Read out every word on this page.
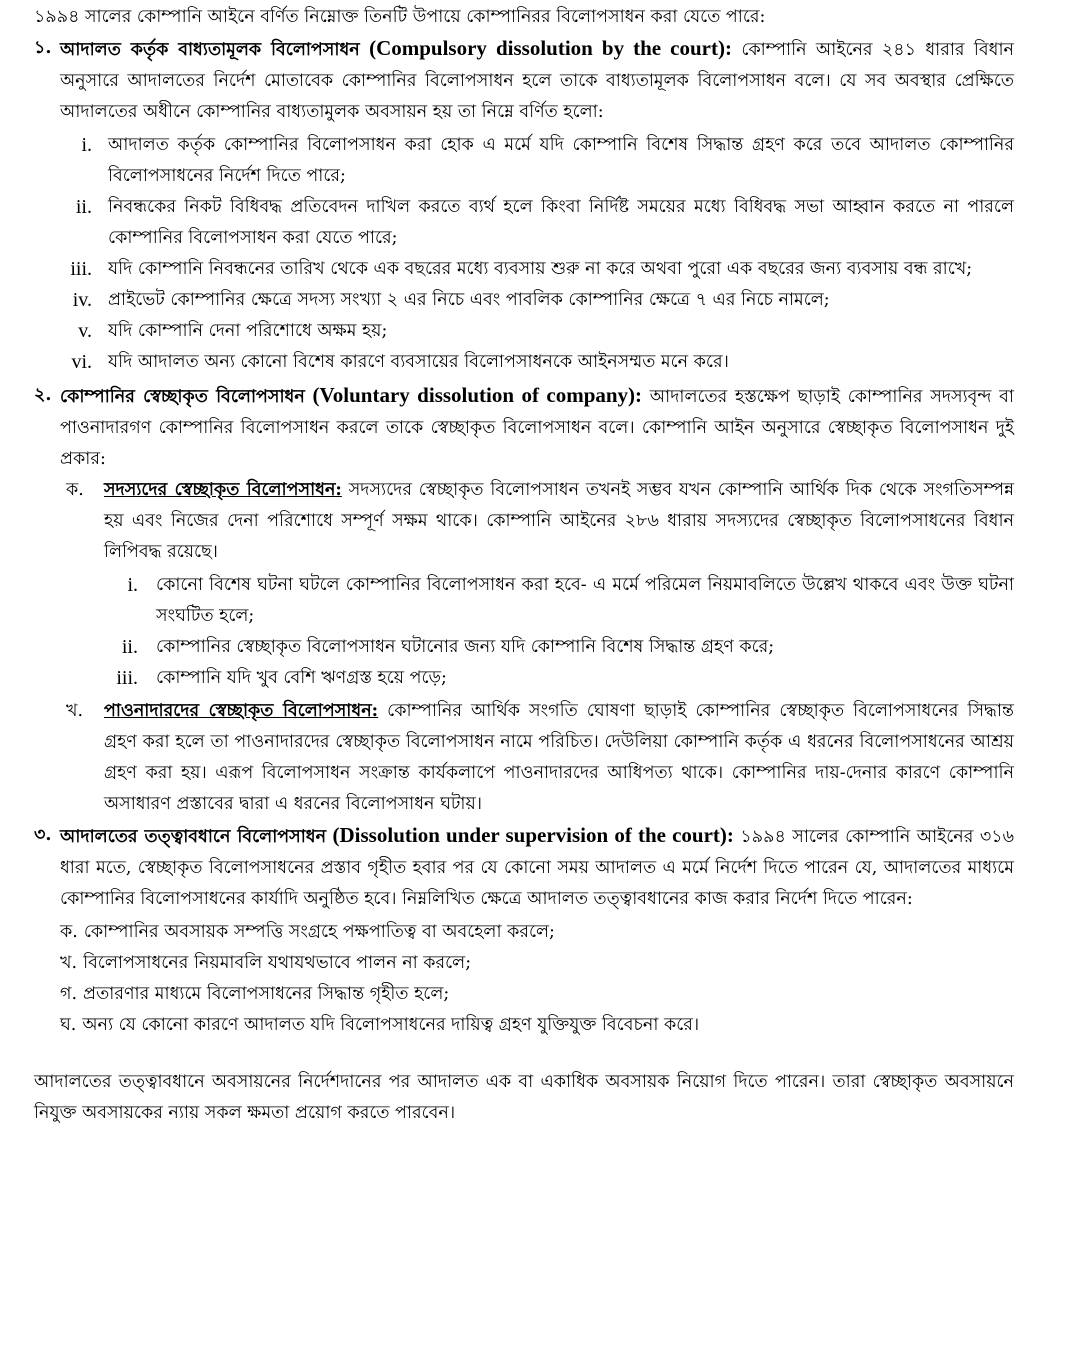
১৯৯৪ সালের কোম্পানি আইনে বর্ণিত নিম্নোক্ত তিনটি উপায়ে কোম্পানিরর বিলোপসাধন করা যেতে পারে:

১. আদালত কর্তৃক বাধ্যতামূলক বিলোপসাধন (Compulsory dissolution by the court): কোম্পানি আইনের ২৪১ ধারার বিধান অনুসারে আদালতের নির্দেশ মোতাবেক কোম্পানির বিলোপসাধন হলে তাকে বাধ্যতামূলক বিলোপসাধন বলে। যে সব অবস্থার প্রেক্ষিতে আদালতের অধীনে কোম্পানির বাধ্যতামুলক অবসায়ন হয় তা নিম্নে বর্ণিত হলো:

i. আদালত কর্তৃক কোম্পানির বিলোপসাধন করা হোক এ মর্মে যদি কোম্পানি বিশেষ সিদ্ধান্ত গ্রহণ করে তবে আদালত কোম্পানির বিলোপসাধনের নির্দেশ দিতে পারে;
ii. নিবন্ধকের নিকট বিধিবদ্ধ প্রতিবেদন দাখিল করতে ব্যর্থ হলে কিংবা নির্দিষ্ট সময়ের মধ্যে বিধিবদ্ধ সভা আহ্বান করতে না পারলে কোম্পানির বিলোপসাধন করা যেতে পারে;
iii. যদি কোম্পানি নিবন্ধনের তারিখ থেকে এক বছরের মধ্যে ব্যবসায় শুরু না করে অথবা পুরো এক বছরের জন্য ব্যবসায় বন্ধ রাখে;
iv. প্রাইভেট কোম্পানির ক্ষেত্রে সদস্য সংখ্যা ২ এর নিচে এবং পাবলিক কোম্পানির ক্ষেত্রে ৭ এর নিচে নামলে;
v. যদি কোম্পানি দেনা পরিশোধে অক্ষম হয়;
vi. যদি আদালত অন্য কোনো বিশেষ কারণে ব্যবসায়ের বিলোপসাধনকে আইনসম্মত মনে করে।
২. কোম্পানির স্বেচ্ছাকৃত বিলোপসাধন (Voluntary dissolution of company): আদালতের হস্তক্ষেপ ছাড়াই কোম্পানির সদস্যবৃন্দ বা পাওনাদারগণ কোম্পানির বিলোপসাধন করলে তাকে স্বেচ্ছাকৃত বিলোপসাধন বলে। কোম্পানি আইন অনুসারে স্বেচ্ছাকৃত বিলোপসাধন দুই প্রকার:

ক.	সদস্যদের স্বেচ্ছাকৃত বিলোপসাধন: সদস্যদের স্বেচ্ছাকৃত বিলোপসাধন তখনই সম্ভব যখন কোম্পানি আর্থিক দিক থেকে সংগতিসম্পন্ন হয় এবং নিজের দেনা পরিশোধে সম্পূর্ণ সক্ষম থাকে। কোম্পানি আইনের ২৮৬ ধারায় সদস্যদের স্বেচ্ছাকৃত বিলোপসাধনের বিধান লিপিবদ্ধ রয়েছে।

i.	কোনো বিশেষ ঘটনা ঘটলে কোম্পানির বিলোপসাধন করা হবে- এ মর্মে পরিমেল নিয়মাবলিতে উল্লেখ থাকবে এবং উক্ত ঘটনা সংঘটিত হলে;
ii.	কোম্পানির স্বেচ্ছাকৃত বিলোপসাধন ঘটানোর জন্য যদি কোম্পানি বিশেষ সিদ্ধান্ত গ্রহণ করে;
iii.	কোম্পানি যদি খুব বেশি ঋণগ্রস্ত হয়ে পড়ে;
খ.	পাওনাদারদের স্বেচ্ছাকৃত বিলোপসাধন: কোম্পানির আর্থিক সংগতি ঘোষণা ছাড়াই কোম্পানির স্বেচ্ছাকৃত বিলোপসাধনের সিদ্ধান্ত গ্রহণ করা হলে তা পাওনাদারদের স্বেচ্ছাকৃত বিলোপসাধন নামে পরিচিত। দেউলিয়া কোম্পানি কর্তৃক এ ধরনের বিলোপসাধনের আশ্রয় গ্রহণ করা হয়। এরূপ বিলোপসাধন সংক্রান্ত কার্যকলাপে পাওনাদারদের আধিপত্য থাকে। কোম্পানির দায়-দেনার কারণে কোম্পানি অসাধারণ প্রস্তাবের দ্বারা এ ধরনের বিলোপসাধন ঘটায়।

৩. আদালতের তত্ত্বাবধানে বিলোপসাধন (Dissolution under supervision of the court): ১৯৯৪ সালের কোম্পানি আইনের ৩১৬ ধারা মতে, স্বেচ্ছাকৃত বিলোপসাধনের প্রস্তাব গৃহীত হবার পর যে কোনো সময় আদালত এ মর্মে নির্দেশ দিতে পারেন যে, আদালতের মাধ্যমে কোম্পানির বিলোপসাধনের কার্যাদি অনুষ্ঠিত হবে। নিম্নলিখিত ক্ষেত্রে আদালত তত্ত্বাবধানের কাজ করার নির্দেশ দিতে পারেন:

ক. কোম্পানির অবসায়ক সম্পত্তি সংগ্রহে পক্ষপাতিত্ব বা অবহেলা করলে;
খ. বিলোপসাধনের নিয়মাবলি যথাযথভাবে পালন না করলে;
গ. প্রতারণার মাধ্যমে বিলোপসাধনের সিদ্ধান্ত গৃহীত হলে;
ঘ. অন্য যে কোনো কারণে আদালত যদি বিলোপসাধনের দায়িত্ব গ্রহণ যুক্তিযুক্ত বিবেচনা করে।

আদালতের তত্ত্বাবধানে অবসায়নের নির্দেশদানের পর আদালত এক বা একাধিক অবসায়ক নিয়োগ দিতে পারেন। তারা স্বেচ্ছাকৃত অবসায়নে নিযুক্ত অবসায়কের ন্যায় সকল ক্ষমতা প্রয়োগ করতে পারবেন।
